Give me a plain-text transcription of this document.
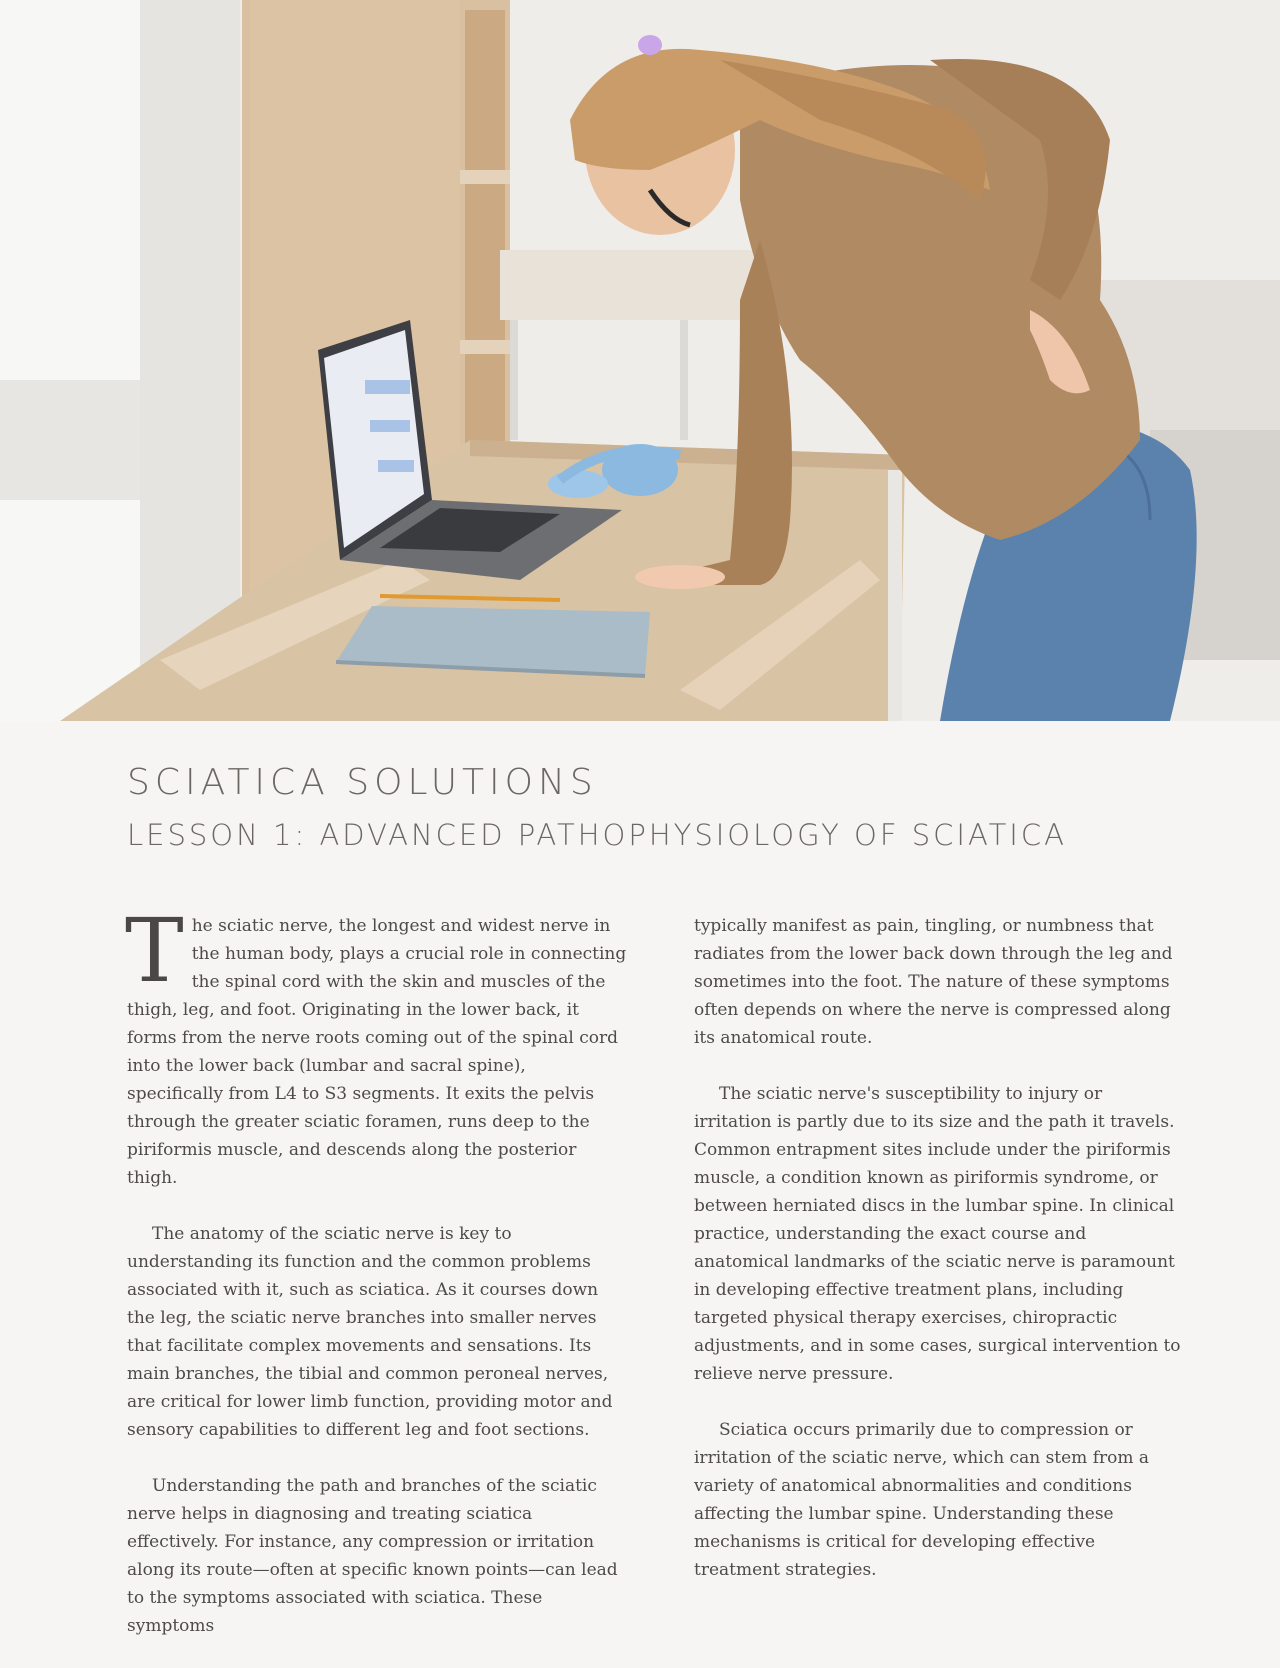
SCIATICA SOLUTIONS
LESSON 1: ADVANCED PATHOPHYSIOLOGY OF SCIATICA

The sciatic nerve, the longest and widest nerve in the human body, plays a crucial role in connecting the spinal cord with the skin and muscles of the thigh, leg, and foot. Originating in the lower back, it forms from the nerve roots coming out of the spinal cord into the lower back (lumbar and sacral spine), specifically from L4 to S3 segments. It exits the pelvis through the greater sciatic foramen, runs deep to the piriformis muscle, and descends along the posterior thigh.

The anatomy of the sciatic nerve is key to understanding its function and the common problems associated with it, such as sciatica. As it courses down the leg, the sciatic nerve branches into smaller nerves that facilitate complex movements and sensations. Its main branches, the tibial and common peroneal nerves, are critical for lower limb function, providing motor and sensory capabilities to different leg and foot sections.

Understanding the path and branches of the sciatic nerve helps in diagnosing and treating sciatica effectively. For instance, any compression or irritation along its route—often at specific known points—can lead to the symptoms associated with sciatica. These symptoms

typically manifest as pain, tingling, or numbness that radiates from the lower back down through the leg and sometimes into the foot. The nature of these symptoms often depends on where the nerve is compressed along its anatomical route.

The sciatic nerve's susceptibility to injury or irritation is partly due to its size and the path it travels. Common entrapment sites include under the piriformis muscle, a condition known as piriformis syndrome, or between herniated discs in the lumbar spine. In clinical practice, understanding the exact course and anatomical landmarks of the sciatic nerve is paramount in developing effective treatment plans, including targeted physical therapy exercises, chiropractic adjustments, and in some cases, surgical intervention to relieve nerve pressure.

Sciatica occurs primarily due to compression or irritation of the sciatic nerve, which can stem from a variety of anatomical abnormalities and conditions affecting the lumbar spine. Understanding these mechanisms is critical for developing effective treatment strategies.
